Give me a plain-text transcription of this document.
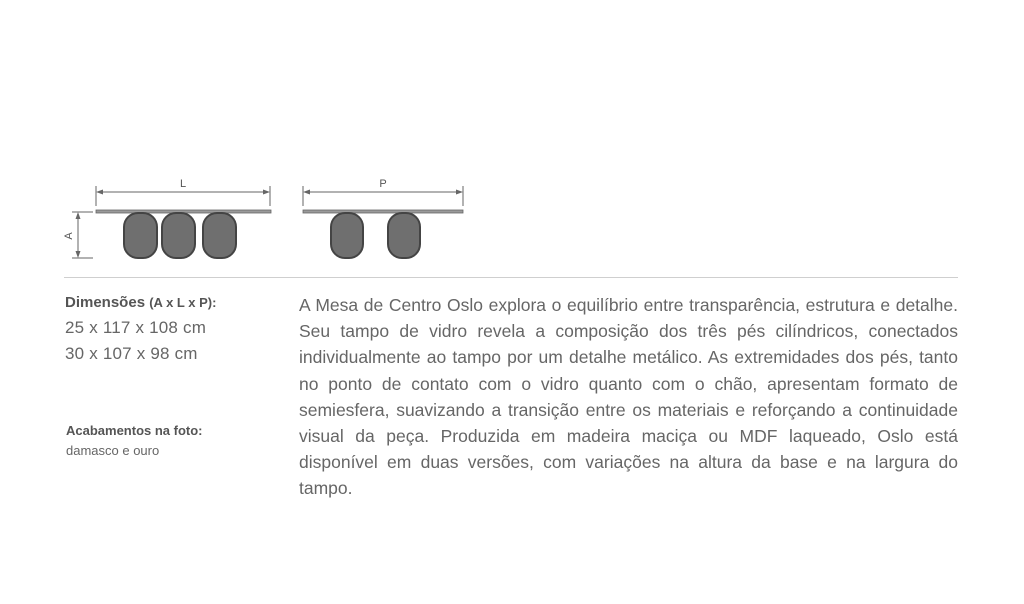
L
A
P

Dimensões (A x L x P):

25 x 117 x 108 cm

30 x 107 x 98 cm

Acabamentos na foto:

damasco e ouro

A Mesa de Centro Oslo explora o equilíbrio entre transparência, estrutura e detalhe. Seu tampo de vidro revela a composição dos três pés cilíndricos, conectados individualmente ao tampo por um detalhe metálico. As extremidades dos pés, tanto no ponto de contato com o vidro quanto com o chão, apresentam formato de semiesfera, suavizando a transição entre os materiais e reforçando a continuidade visual da peça. Produzida em madeira maciça ou MDF laqueado, Oslo está disponível em duas versões, com variações na altura da base e na largura do tampo.
